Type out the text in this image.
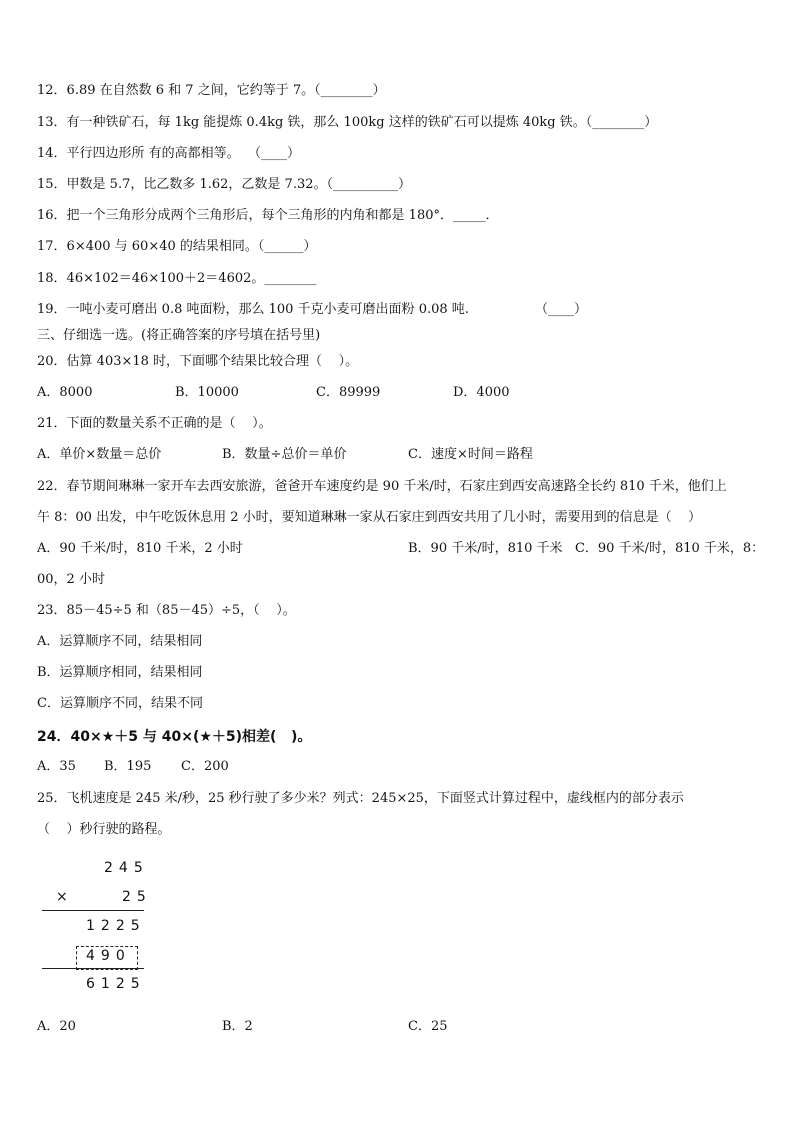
12．6.89 在自然数 6 和 7 之间，它约等于 7。（________）
13．有一种铁矿石，每 1kg 能提炼 0.4kg 铁，那么 100kg 这样的铁矿石可以提炼 40kg 铁。（________）
14．平行四边形所 有的高都相等。  （____）
15．甲数是 5.7，比乙数多 1.62，乙数是 7.32。（__________）
16．把一个三角形分成两个三角形后，每个三角形的内角和都是 180°．_____．
17．6×400 与 60×40 的结果相同。（______）
18．46×102＝46×100＋2＝4602。________
19．一吨小麦可磨出 0.8 吨面粉，那么 100 千克小麦可磨出面粉 0.08 吨.                （____）
三、仔细选一选。(将正确答案的序号填在括号里)
20．估算 403×18 时，下面哪个结果比较合理（    ）。
A．8000	B．10000	C．89999	D．4000
21．下面的数量关系不正确的是（    ）。
A．单价×数量＝总价	B．数量÷总价＝单价	C．速度×时间＝路程
22．春节期间琳琳一家开车去西安旅游，爸爸开车速度约是 90 千米/时，石家庄到西安高速路全长约 810 千米，他们上
午 8：00 出发，中午吃饭休息用 2 小时，要知道琳琳一家从石家庄到西安共用了几小时，需要用到的信息是（    ）
A．90 千米/时，810 千米，2 小时	B．90 千米/时，810 千米   C．90 千米/时，810 千米，8：
00，2 小时
23．85－45÷5 和（85－45）÷5，（    ）。
A．运算顺序不同，结果相同
B．运算顺序相同，结果相同
C．运算顺序不同，结果不同
24．40×★＋5 与 40×(★＋5)相差(   )。
A．35 B．195 C．200
25．飞机速度是 245 米/秒，25 秒行驶了多少米？列式：245×25，下面竖式计算过程中，虚线框内的部分表示
（    ）秒行驶的路程。
245
×	25
1225
490
6125
A．20	B．2	C．25
